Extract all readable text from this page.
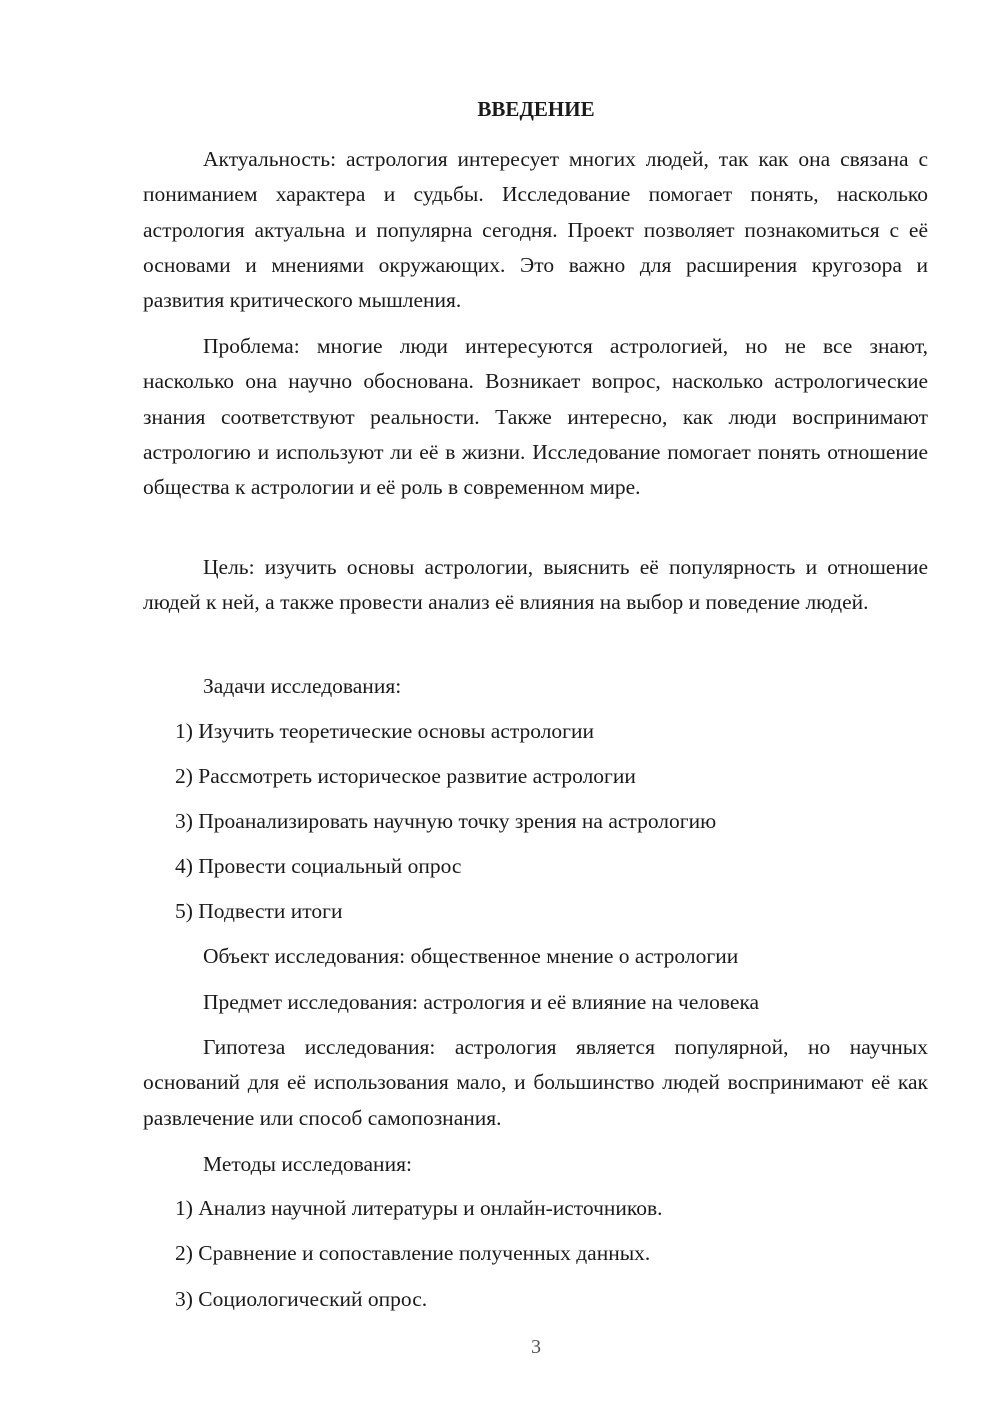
ВВЕДЕНИЕ

Актуальность: астрология интересует многих людей, так как она связана с пониманием характера и судьбы. Исследование помогает понять, насколько астрология актуальна и популярна сегодня. Проект позволяет познакомиться с её основами и мнениями окружающих. Это важно для расширения кругозора и развития критического мышления.

Проблема: многие люди интересуются астрологией, но не все знают, насколько она научно обоснована. Возникает вопрос, насколько астрологические знания соответствуют реальности. Также интересно, как люди воспринимают астрологию и используют ли её в жизни. Исследование помогает понять отношение общества к астрологии и её роль в современном мире.

Цель: изучить основы астрологии, выяснить её популярность и отношение людей к ней, а также провести анализ её влияния на выбор и поведение людей.

Задачи исследования:

1) Изучить теоретические основы астрологии

2) Рассмотреть историческое развитие астрологии

3) Проанализировать научную точку зрения на астрологию

4) Провести социальный опрос

5) Подвести итоги

Объект исследования: общественное мнение о астрологии

Предмет исследования: астрология и её влияние на человека

Гипотеза исследования: астрология является популярной, но научных оснований для её использования мало, и большинство людей воспринимают её как развлечение или способ самопознания.

Методы исследования:

1) Анализ научной литературы и онлайн-источников.

2) Сравнение и сопоставление полученных данных.

3) Социологический опрос.

3
